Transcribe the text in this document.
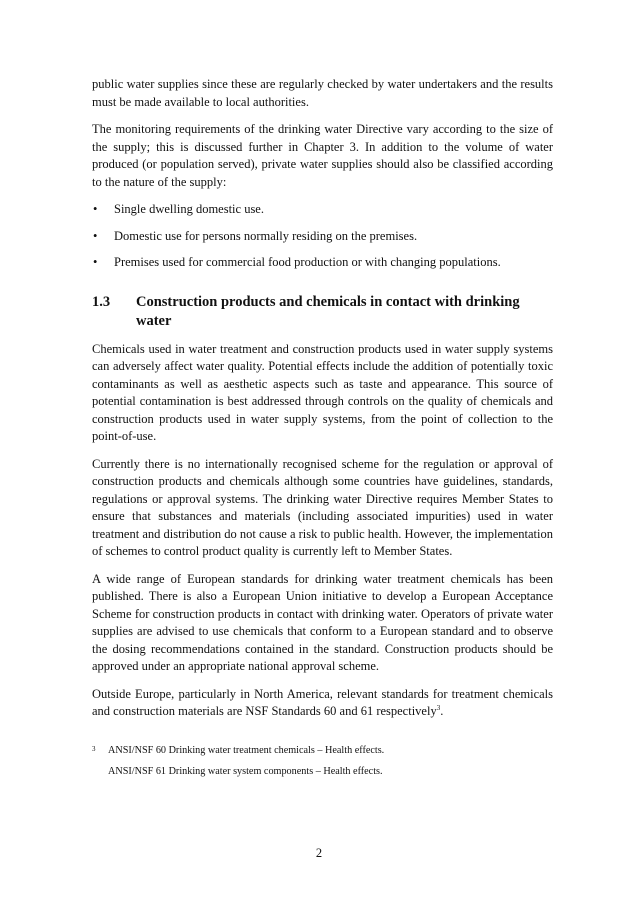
public water supplies since these are regularly checked by water undertakers and the results must be made available to local authorities.

The monitoring requirements of the drinking water Directive vary according to the size of the supply; this is discussed further in Chapter 3. In addition to the volume of water produced (or population served), private water supplies should also be classified according to the nature of the supply:

• Single dwelling domestic use.
• Domestic use for persons normally residing on the premises.
• Premises used for commercial food production or with changing populations.
1.3	Construction products and chemicals in contact with drinking water

Chemicals used in water treatment and construction products used in water supply systems can adversely affect water quality. Potential effects include the addition of potentially toxic contaminants as well as aesthetic aspects such as taste and appearance. This source of potential contamination is best addressed through controls on the quality of chemicals and construction products used in water supply systems, from the point of collection to the point-of-use.

Currently there is no internationally recognised scheme for the regulation or approval of construction products and chemicals although some countries have guidelines, standards, regulations or approval systems. The drinking water Directive requires Member States to ensure that substances and materials (including associated impurities) used in water treatment and distribution do not cause a risk to public health. However, the implementation of schemes to control product quality is currently left to Member States.

A wide range of European standards for drinking water treatment chemicals has been published. There is also a European Union initiative to develop a European Acceptance Scheme for construction products in contact with drinking water. Operators of private water supplies are advised to use chemicals that conform to a European standard and to observe the dosing recommendations contained in the standard. Construction products should be approved under an appropriate national approval scheme.

Outside Europe, particularly in North America, relevant standards for treatment chemicals and construction materials are NSF Standards 60 and 61 respectively$^3$.

3	ANSI/NSF 60 Drinking water treatment chemicals – Health effects.
ANSI/NSF 61 Drinking water system components – Health effects.
2
